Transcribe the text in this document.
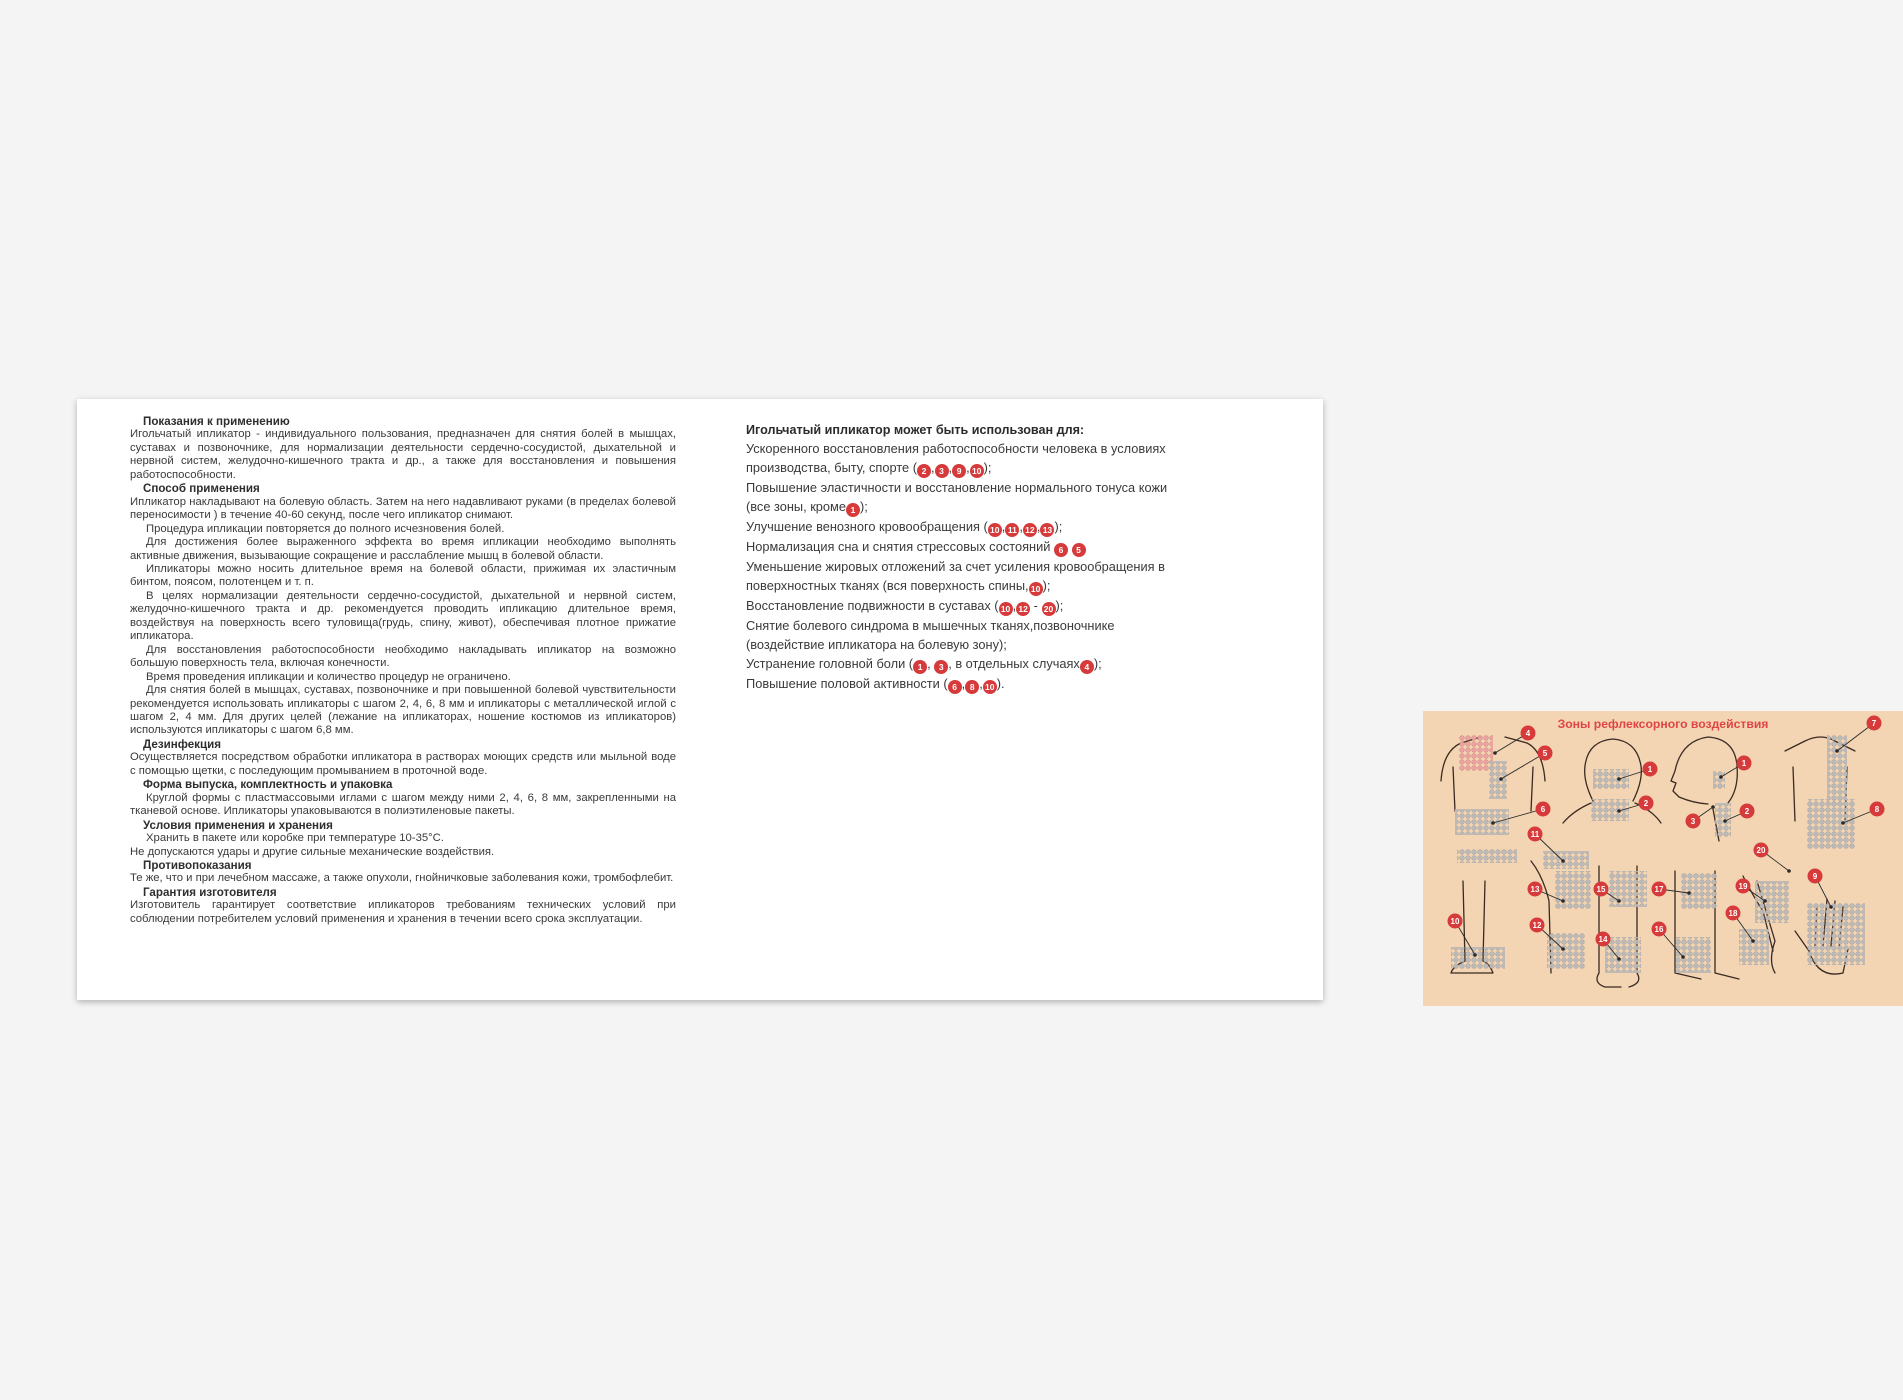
Показания к применению

Игольчатый ипликатор - индивидуального пользования, предназначен для снятия болей в мышцах, суставах и позвоночнике, для нормализации деятельности сердечно-сосудистой, дыхательной и нервной систем, желудочно-кишечного тракта и др., а также для восстановления и повышения работоспособности.

Способ применения

Ипликатор накладывают на болевую область. Затем на него надавливают руками (в пределах болевой переносимости ) в течение 40-60 секунд, после чего ипликатор снимают.

Процедура ипликации повторяется до полного исчезновения болей.

Для достижения более выраженного эффекта во время ипликации необходимо выполнять активные движения, вызывающие сокращение и расслабление мышц в болевой области.

Ипликаторы можно носить длительное время на болевой области, прижимая их эластичным бинтом, поясом, полотенцем и т. п.

В целях нормализации деятельности сердечно-сосудистой, дыхательной и нервной систем, желудочно-кишечного тракта и др. рекомендуется проводить ипликацию длительное время, воздействуя на поверхность всего туловища(грудь, спину, живот), обеспечивая плотное прижатие ипликатора.

Для восстановления работоспособности необходимо накладывать ипликатор на возможно большую поверхность тела, включая конечности.

Время проведения ипликации и количество процедур не ограничено.

Для снятия болей в мышцах, суставах, позвоночнике и при повышенной болевой чувствительности рекомендуется использовать ипликаторы с шагом 2, 4, 6, 8 мм и ипликаторы с металлической иглой с шагом 2, 4 мм. Для других целей (лежание на ипликаторах, ношение костюмов из ипликаторов) используются ипликаторы с шагом 6,8 мм.

Дезинфекция

Осуществляется посредством обработки ипликатора в растворах моющих средств или мыльной воде с помощью щетки, с последующим промыванием в проточной воде.

Форма выпуска, комплектность и упаковка

Круглой формы с пластмассовыми иглами с шагом между ними 2, 4, 6, 8 мм, закрепленными на тканевой основе. Ипликаторы упаковываются в полиэтиленовые пакеты.

Условия применения и хранения

Хранить в пакете или коробке при температуре 10-35°С.

Не допускаются удары и другие сильные механические воздействия.

Противопоказания

Те же, что и при лечебном массаже, а также опухоли, гнойничковые заболевания кожи, тромбофлебит.

Гарантия изготовителя

Изготовитель гарантирует соответствие ипликаторов требованиям технических условий при соблюдении потребителем условий применения и хранения в течении всего срока эксплуатации.

Игольчатый ипликатор может быть использован для:
Ускоренного восстановления работоспособности человека в условиях производства, быту, спорте ( 2 , 3 , 9 , 10 );
Повышение эластичности и восстановление нормального тонуса кожи
(все зоны, кроме 1 );
Улучшение венозного кровообращения ( 10 , 11 , 12 , 13 );
Нормализация сна и снятия стрессовых состояний 6 5
Уменьшение жировых отложений за счет усиления кровообращения в поверхностных тканях (вся поверхность спины, 10 );
Восстановление подвижности в суставах ( 10 , 12 - 20 );
Снятие болевого синдрома в мышечных тканях,позвоночнике
(воздействие ипликатора на болевую зону);
Устранение головной боли ( 1 , 3 , в отдельных случаях 4 );
Повышение половой активности ( 6 , 8 , 10 ).
4
5
6
11
13
12
10
1
2
1
3
2
20
19
18
15
14
17
16
7
8
9
Зоны рефлексорного воздействия
